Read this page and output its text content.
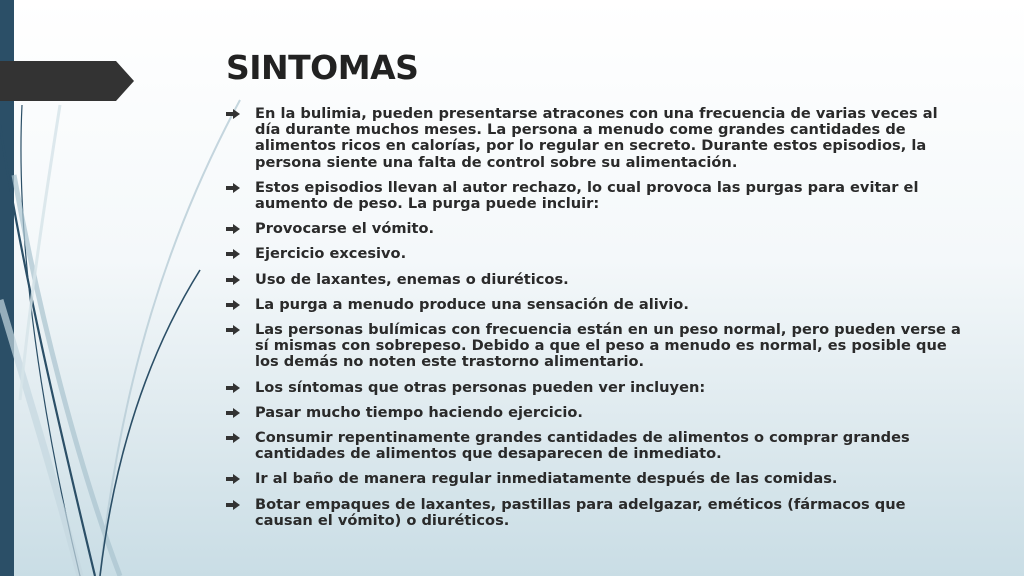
SINTOMAS
En la bulimia, pueden presentarse atracones con una frecuencia de varias veces al día durante muchos meses. La persona a menudo come grandes cantidades de alimentos ricos en calorías, por lo regular en secreto. Durante estos episodios, la persona siente una falta de control sobre su alimentación.
Estos episodios llevan al autor rechazo, lo cual provoca las purgas para evitar el aumento de peso. La purga puede incluir:
Provocarse el vómito.
Ejercicio excesivo.
Uso de laxantes, enemas o diuréticos.
La purga a menudo produce una sensación de alivio.
Las personas bulímicas con frecuencia están en un peso normal, pero pueden verse a sí mismas con sobrepeso. Debido a que el peso a menudo es normal, es posible que los demás no noten este trastorno alimentario.
Los síntomas que otras personas pueden ver incluyen:
Pasar mucho tiempo haciendo ejercicio.
Consumir repentinamente grandes cantidades de alimentos o comprar grandes cantidades de alimentos que desaparecen de inmediato.
Ir al baño de manera regular inmediatamente después de las comidas.
Botar empaques de laxantes, pastillas para adelgazar, eméticos (fármacos que causan el vómito) o diuréticos.
